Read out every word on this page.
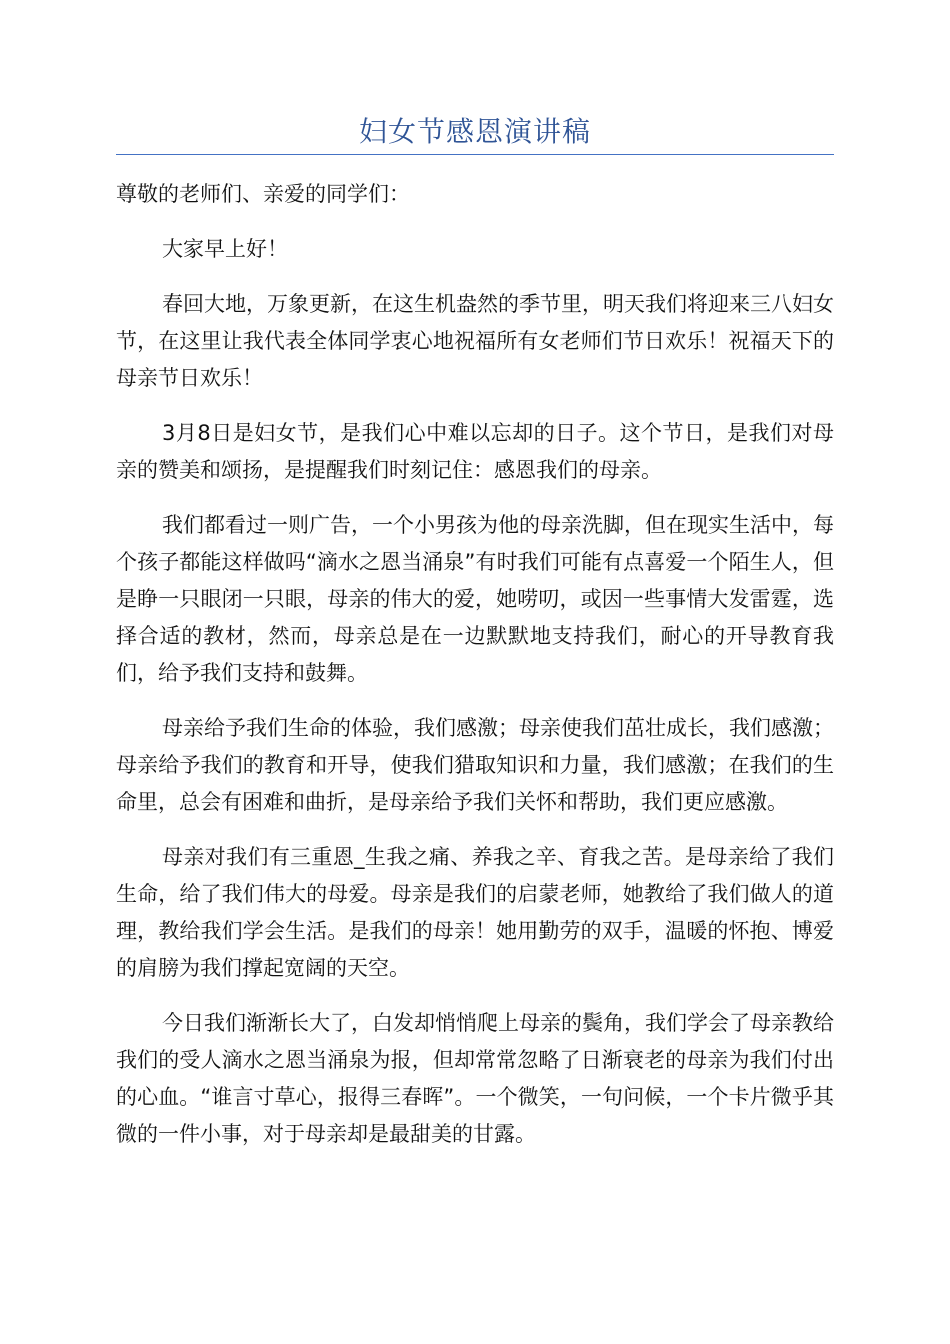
妇女节感恩演讲稿

尊敬的老师们、亲爱的同学们：

大家早上好！

春回大地，万象更新，在这生机盎然的季节里，明天我们将迎来三八妇女节，在这里让我代表全体同学衷心地祝福所有女老师们节日欢乐！祝福天下的母亲节日欢乐！

3月8日是妇女节，是我们心中难以忘却的日子。这个节日，是我们对母亲的赞美和颂扬，是提醒我们时刻记住：感恩我们的母亲。

我们都看过一则广告，一个小男孩为他的母亲洗脚，但在现实生活中，每个孩子都能这样做吗“滴水之恩当涌泉”有时我们可能有点喜爱一个陌生人，但是睁一只眼闭一只眼，母亲的伟大的爱，她唠叨，或因一些事情大发雷霆，选择合适的教材，然而，母亲总是在一边默默地支持我们，耐心的开导教育我们，给予我们支持和鼓舞。

母亲给予我们生命的体验，我们感激；母亲使我们茁壮成长，我们感激；母亲给予我们的教育和开导，使我们猎取知识和力量，我们感激；在我们的生命里，总会有困难和曲折，是母亲给予我们关怀和帮助，我们更应感激。

母亲对我们有三重恩_生我之痛、养我之辛、育我之苦。是母亲给了我们生命，给了我们伟大的母爱。母亲是我们的启蒙老师，她教给了我们做人的道理，教给我们学会生活。是我们的母亲！她用勤劳的双手，温暖的怀抱、博爱的肩膀为我们撑起宽阔的天空。

今日我们渐渐长大了，白发却悄悄爬上母亲的鬓角，我们学会了母亲教给我们的受人滴水之恩当涌泉为报，但却常常忽略了日渐衰老的母亲为我们付出的心血。“谁言寸草心，报得三春晖”。一个微笑，一句问候，一个卡片微乎其微的一件小事，对于母亲却是最甜美的甘露。
